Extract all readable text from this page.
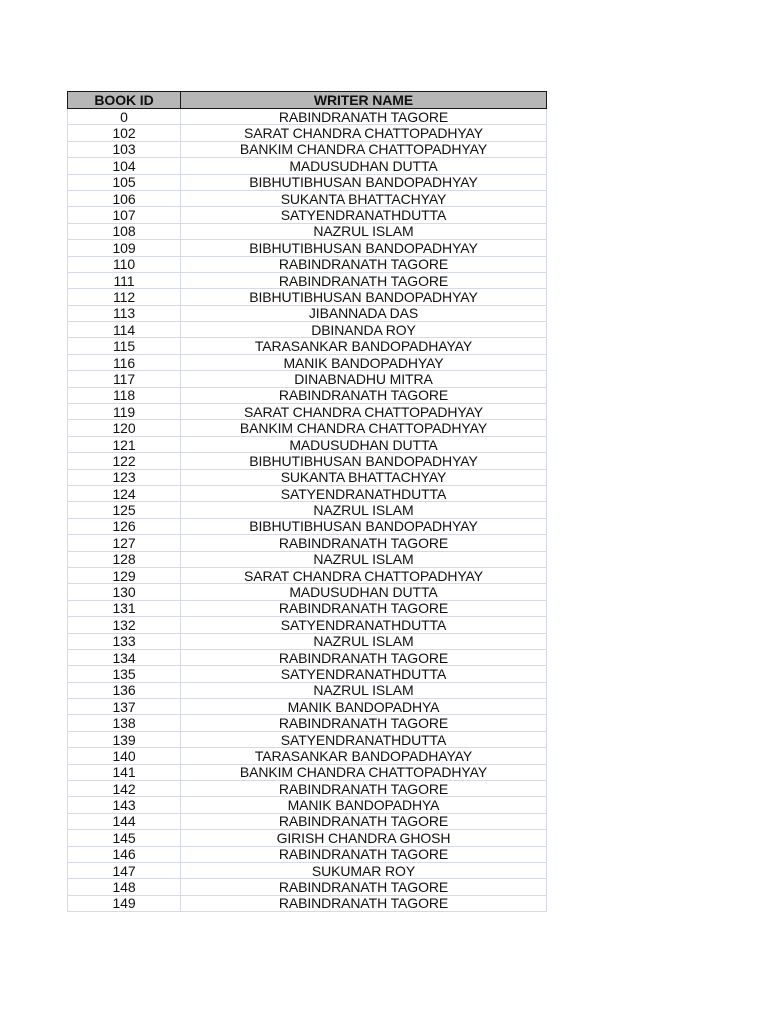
BOOK ID	WRITER NAME
0	RABINDRANATH TAGORE
102	SARAT CHANDRA CHATTOPADHYAY
103	BANKIM CHANDRA CHATTOPADHYAY
104	MADUSUDHAN DUTTA
105	BIBHUTIBHUSAN BANDOPADHYAY
106	SUKANTA BHATTACHYAY
107	SATYENDRANATHDUTTA
108	NAZRUL ISLAM
109	BIBHUTIBHUSAN BANDOPADHYAY
110	RABINDRANATH TAGORE
111	RABINDRANATH TAGORE
112	BIBHUTIBHUSAN BANDOPADHYAY
113	JIBANNADA DAS
114	DBINANDA ROY
115	TARASANKAR BANDOPADHAYAY
116	MANIK BANDOPADHYAY
117	DINABNADHU MITRA
118	RABINDRANATH TAGORE
119	SARAT CHANDRA CHATTOPADHYAY
120	BANKIM CHANDRA CHATTOPADHYAY
121	MADUSUDHAN DUTTA
122	BIBHUTIBHUSAN BANDOPADHYAY
123	SUKANTA BHATTACHYAY
124	SATYENDRANATHDUTTA
125	NAZRUL ISLAM
126	BIBHUTIBHUSAN BANDOPADHYAY
127	RABINDRANATH TAGORE
128	NAZRUL ISLAM
129	SARAT CHANDRA CHATTOPADHYAY
130	MADUSUDHAN DUTTA
131	RABINDRANATH TAGORE
132	SATYENDRANATHDUTTA
133	NAZRUL ISLAM
134	RABINDRANATH TAGORE
135	SATYENDRANATHDUTTA
136	NAZRUL ISLAM
137	MANIK BANDOPADHYA
138	RABINDRANATH TAGORE
139	SATYENDRANATHDUTTA
140	TARASANKAR BANDOPADHAYAY
141	BANKIM CHANDRA CHATTOPADHYAY
142	RABINDRANATH TAGORE
143	MANIK BANDOPADHYA
144	RABINDRANATH TAGORE
145	GIRISH CHANDRA GHOSH
146	RABINDRANATH TAGORE
147	SUKUMAR ROY
148	RABINDRANATH TAGORE
149	RABINDRANATH TAGORE
